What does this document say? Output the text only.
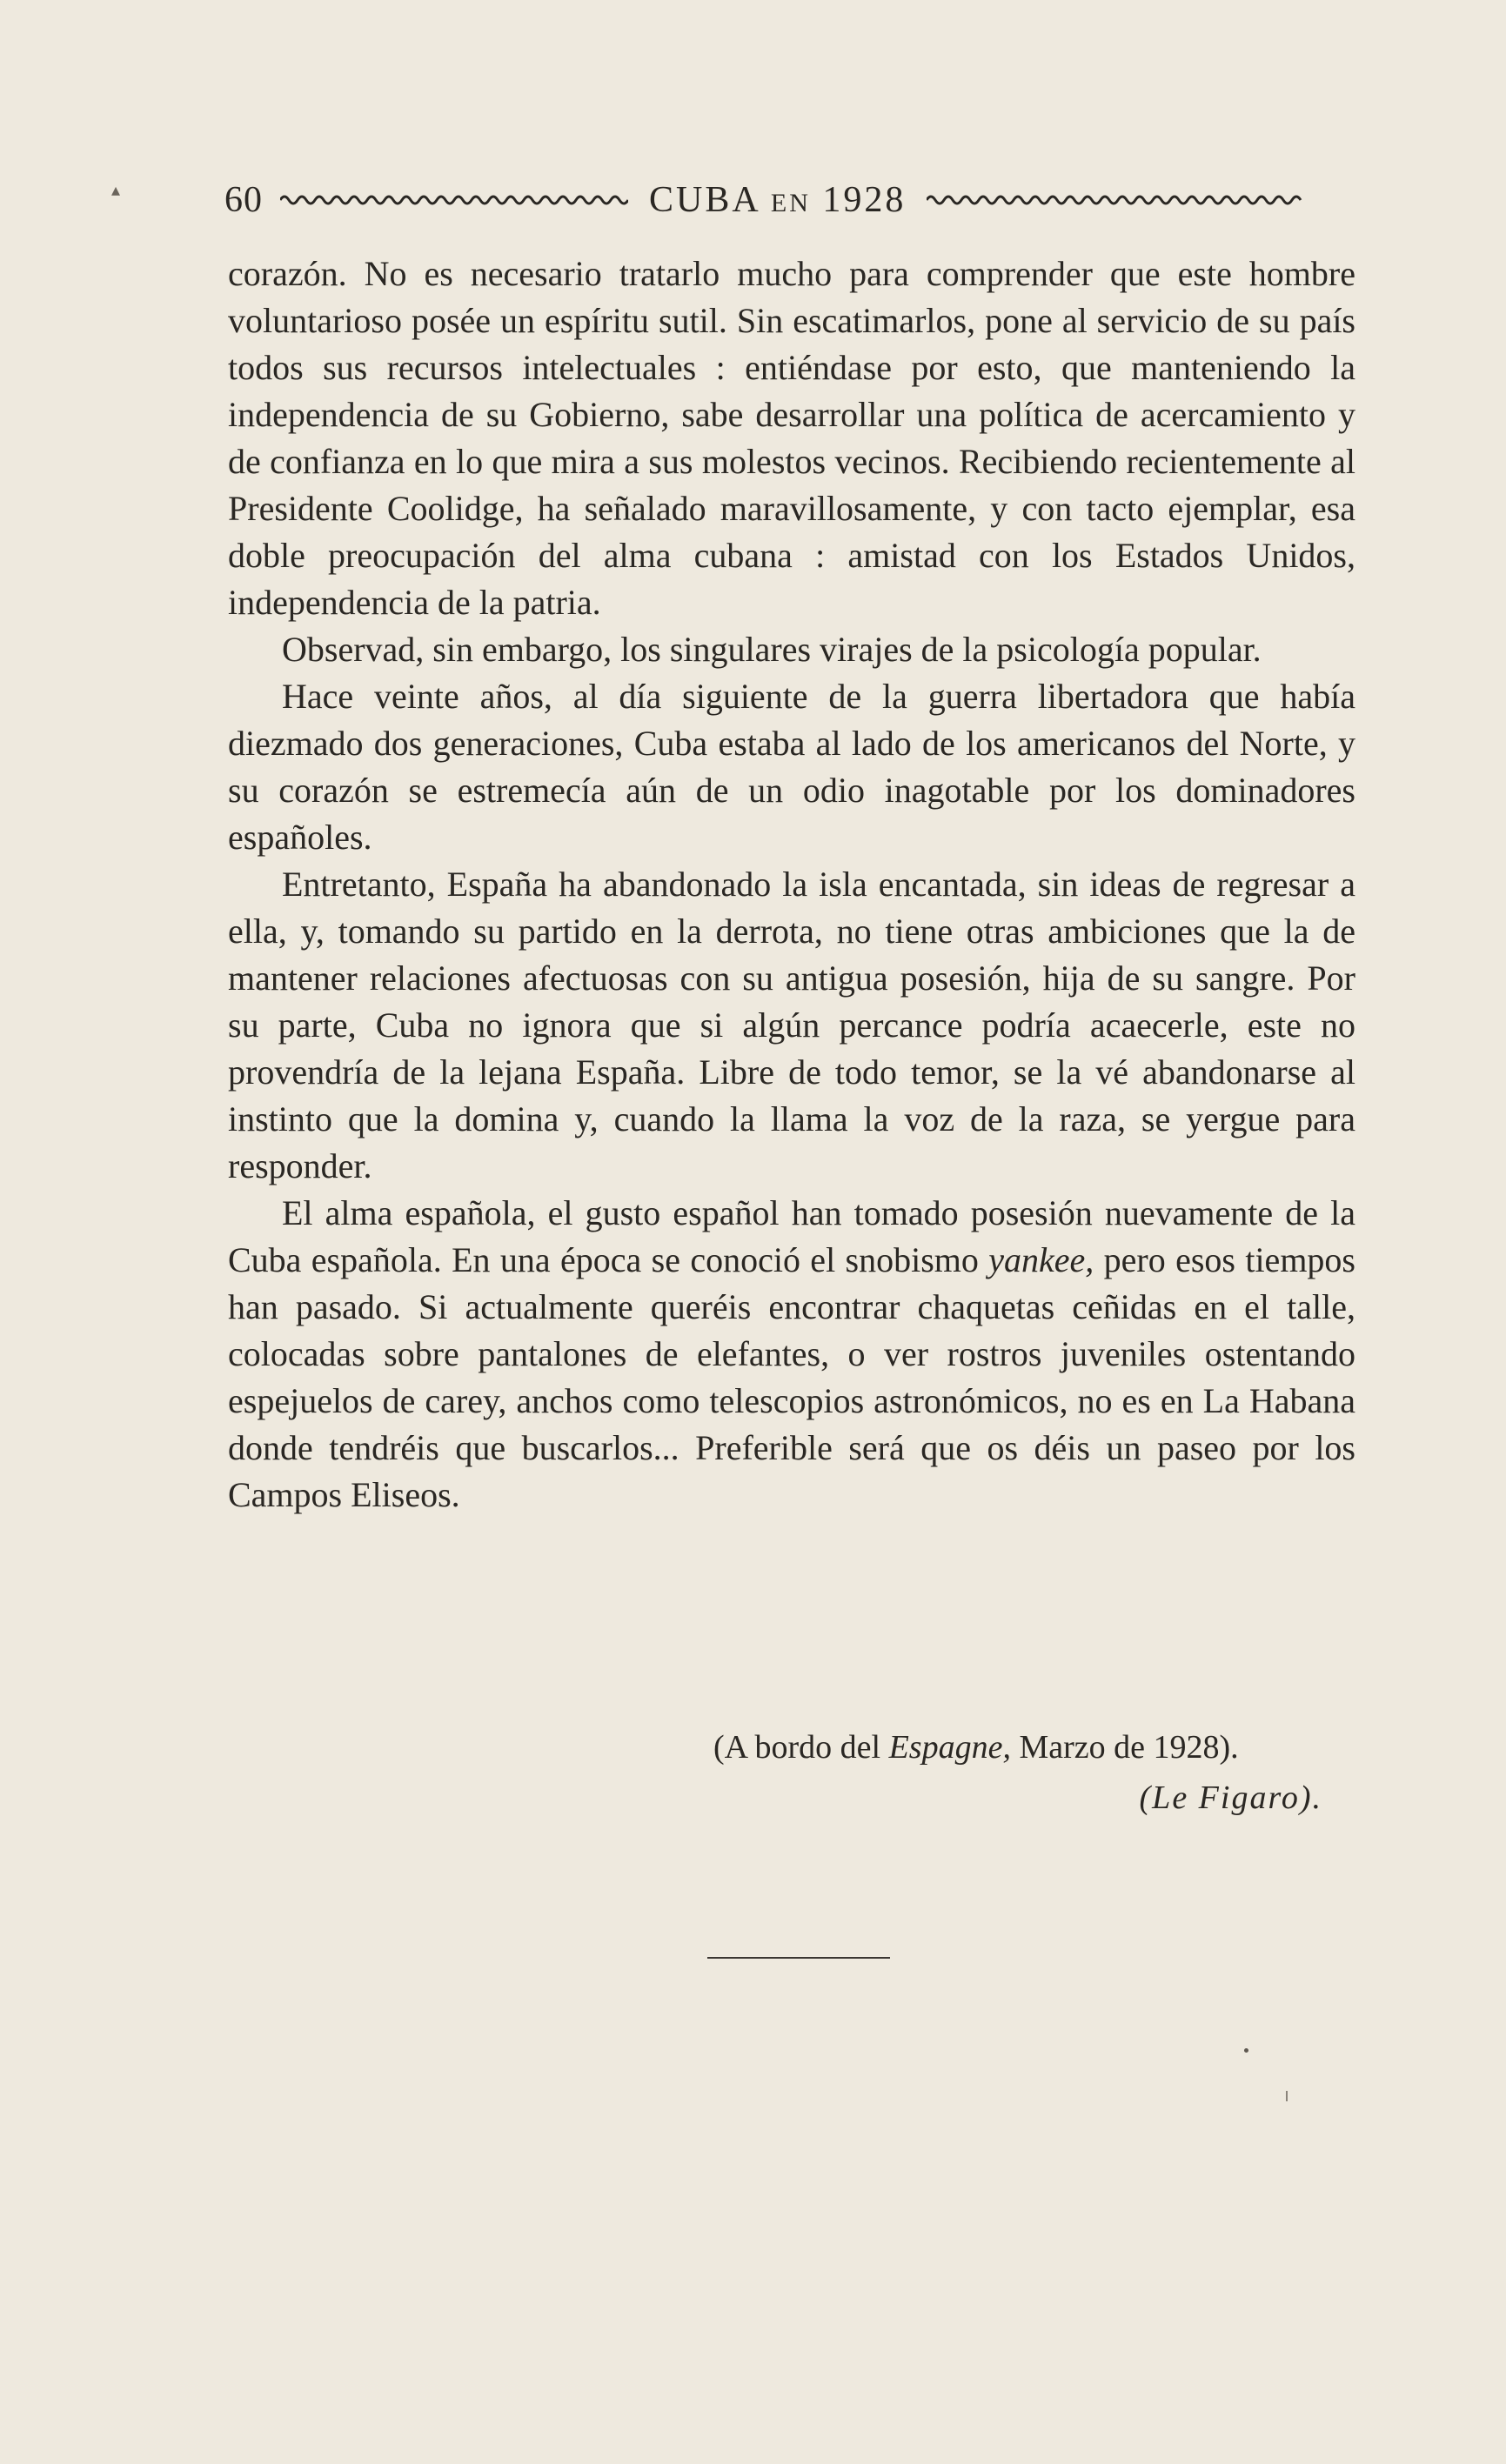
▴	60	CUBA EN 1928

corazón. No es necesario tratarlo mucho para comprender que este hombre voluntarioso posée un espíritu sutil. Sin escatimarlos, pone al servicio de su país todos sus recursos intelectuales : entiéndase por esto, que manteniendo la independencia de su Gobierno, sabe desarrollar una política de acercamiento y de confianza en lo que mira a sus molestos vecinos. Recibiendo recientemente al Presidente Coolidge, ha señalado maravillosamente, y con tacto ejemplar, esa doble preocupación del alma cubana : amistad con los Estados Unidos, independencia de la patria.

Observad, sin embargo, los singulares virajes de la psicología popular.

Hace veinte años, al día siguiente de la guerra libertadora que había diezmado dos generaciones, Cuba estaba al lado de los americanos del Norte, y su corazón se estremecía aún de un odio inagotable por los dominadores españoles.

Entretanto, España ha abandonado la isla encantada, sin ideas de regresar a ella, y, tomando su partido en la derrota, no tiene otras ambiciones que la de mantener relaciones afectuosas con su antigua posesión, hija de su sangre. Por su parte, Cuba no ignora que si algún percance podría acaecerle, este no provendría de la lejana España. Libre de todo temor, se la vé abandonarse al instinto que la domina y, cuando la llama la voz de la raza, se yergue para responder.

El alma española, el gusto español han tomado posesión nuevamente de la Cuba española. En una época se conoció el snobismo yankee, pero esos tiempos han pasado. Si actualmente queréis encontrar chaquetas ceñidas en el talle, colocadas sobre pantalones de elefantes, o ver rostros juveniles ostentando espejuelos de carey, anchos como telescopios astronómicos, no es en La Habana donde tendréis que buscarlos... Preferible será que os déis un paseo por los Campos Eliseos.

(A bordo del Espagne, Marzo de 1928).
(Le Figaro).
